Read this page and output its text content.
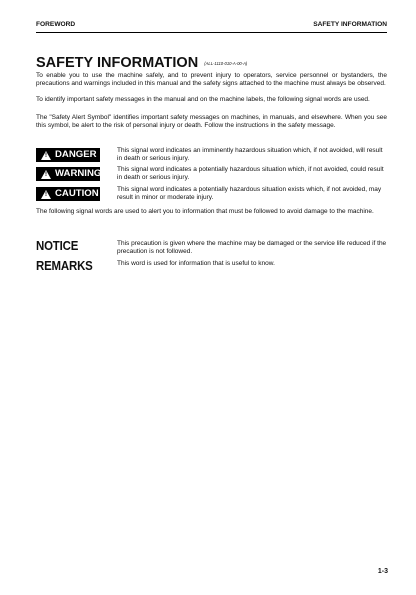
FOREWORD	SAFETY INFORMATION
SAFETY INFORMATION (ALL-1110-010-A-00-A)
To enable you to use the machine safely, and to prevent injury to operators, service personnel or bystanders, the precautions and warnings included in this manual and the safety signs attached to the machine must always be observed.
To identify important safety messages in the manual and on the machine labels, the following signal words are used.
The "Safety Alert Symbol" identifies important safety messages on machines, in manuals, and elsewhere. When you see this symbol, be alert to the risk of personal injury or death. Follow the instructions in the safety message.
! DANGER	This signal word indicates an imminently hazardous situation which, if not avoided, will result in death or serious injury.
! WARNING This signal word indicates a potentially hazardous situation which, if not avoided, could result in death or serious injury.
! CAUTION	This signal word indicates a potentially hazardous situation exists which, if not avoided, may result in minor or moderate injury.
The following signal words are used to alert you to information that must be followed to avoid damage to the machine.
NOTICE	This precaution is given where the machine may be damaged or the service life reduced if the precaution is not followed.
REMARKS	This word is used for information that is useful to know.
1-3
